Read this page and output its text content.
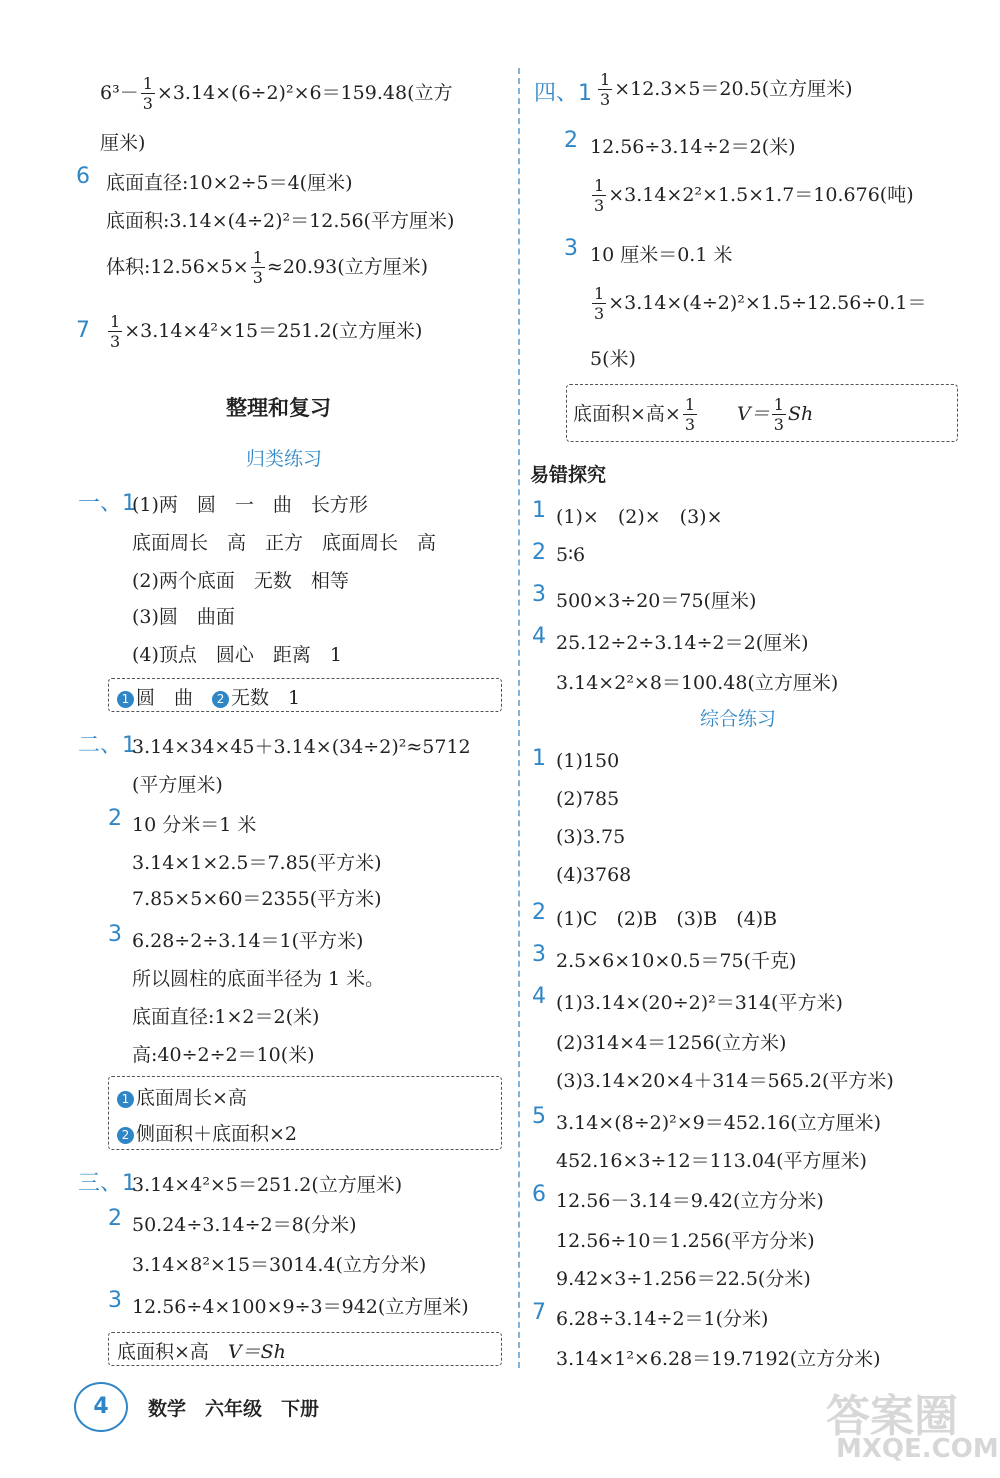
$6^3- \frac{1}{3} \times 3.14\times(6\div 2)^2\times 6=159.48$(立方
厘米)
6 底面直径:10×2÷5＝4(厘米)
底面积:3.14×(4÷2)²＝12.56(平方厘米)
体积:12.56×5× $\frac{1}{3} \approx 20.93$(立方厘米)
$7 \frac{1}{3} \times 3.14\times 4^2\times 15=251.2$(立方厘米)
整理和复习
归类练习
一、1
(1)两　圆　一　曲　长方形
底面周长　高　正方　底面周长　高
(2)两个底面　无数　相等
(3)圆　曲面
(4)顶点　圆心　距离　1
1 圆　曲　 2 无数　1
二、1
3.14×34×45＋3.14×(34÷2)²≈5712
(平方厘米)
2 10 分米＝1 米
3.14×1×2.5＝7.85(平方米)
7.85×5×60＝2355(平方米)
3 6.28÷2÷3.14＝1(平方米)
所以圆柱的底面半径为 1 米。
底面直径:1×2＝2(米)
高:40÷2÷2＝10(米)
1 底面周长×高
2 侧面积＋底面积×2
三、1
3.14×4²×5＝251.2(立方厘米)
2 50.24÷3.14÷2＝8(分米)
3.14×8²×15＝3014.4(立方分米)
3 12.56÷4×100×9÷3＝942(立方厘米)
底面积×高　 V＝Sh
四、$1 \frac{1}{3} \times 12.3\times 5=20.5$(立方厘米)
2 12.56÷3.14÷2＝2(米)
$\frac{1}{3} \times 3.14\times 2^2\times 1.5\times 1.7=10.676$(吨)
3 10 厘米＝0.1 米
$\frac{1}{3} \times 3.14\times(4\div 2)^2\times 1.5\div 12.56\div 0.1=$
5(米)
底面积×高× $\frac{1}{3}$
　　 $V= \frac{1}{3}$ Sh
易错探究
1 (1)×　(2)×　(3)×
2 5∶6
3 500×3÷20＝75(厘米)
4 25.12÷2÷3.14÷2＝2(厘米)
3.14×2²×8＝100.48(立方厘米)
综合练习
1 (1)150
(2)785
(3)3.75
(4)3768
2 (1)C　(2)B　(3)B　(4)B
3 2.5×6×10×0.5＝75(千克)
4 (1)3.14×(20÷2)²＝314(平方米)
(2)314×4＝1256(立方米)
(3)3.14×20×4＋314＝565.2(平方米)
5 3.14×(8÷2)²×9＝452.16(立方厘米)
452.16×3÷12＝113.04(平方厘米)
6 12.56－3.14＝9.42(立方分米)
12.56÷10＝1.256(平方分米)
9.42×3÷1.256＝22.5(分米)
7 6.28÷3.14÷2＝1(分米)
3.14×1²×6.28＝19.7192(立方分米)
4	数学　六年级　下册	答案圈
MXQE.COM
